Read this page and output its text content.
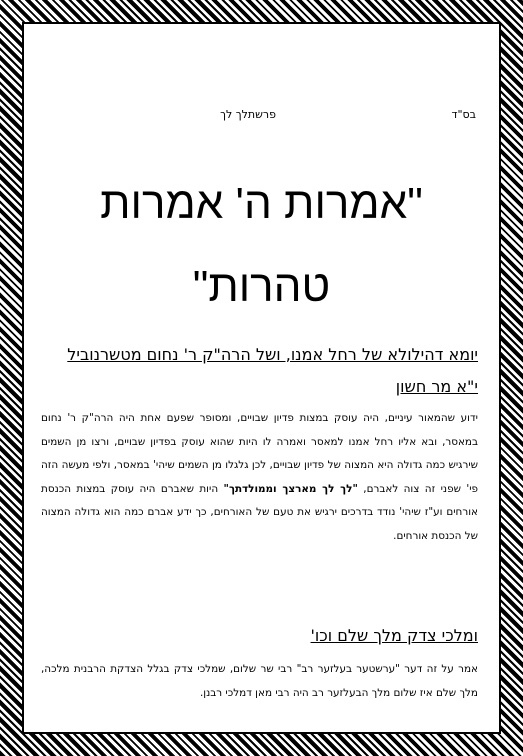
בס"ד
פרשתלך לך
"אמרות ה' אמרות
טהרות"
יומא דהילולא של רחל אמנו, ושל הרה"ק ר' נחום מטשרנוביל י"א מר חשון
ידוע שהמאור עיניים, היה עוסק במצות פדיון שבויים, ומסופר שפעם אחת היה הרה"ק ר' נחום במאסר, ובא אליו רחל אמנו למאסר ואמרה לו היות שהוא עוסק בפדיון שבויים, ורצו מן השמים שירגיש כמה גדולה היא המצוה של פדיון שבויים, לכן גלגלו מן השמים שיהי' במאסר, ולפי מעשה הזה פי' שפני זה צוה לאברם, "לך לך מארצך וממולדתך" היות שאברם היה עוסק במצות הכנסת אורחים וע"ז שיהי' נודד בדרכים ירגיש את טעם של האורחים, כך ידע אברם כמה הוא גדולה המצוה של הכנסת אורחים.
ומלכי צדק מלך שלם וכו'
אמר על זה דער "ערשטער בעלזער רב" רבי שר שלום, שמלכי צדק בגלל הצדקת הרבנית מלכה, מלך שלם איז שלום מלך הבעלזער רב היה רבי מאן דמלכי רבנן.
